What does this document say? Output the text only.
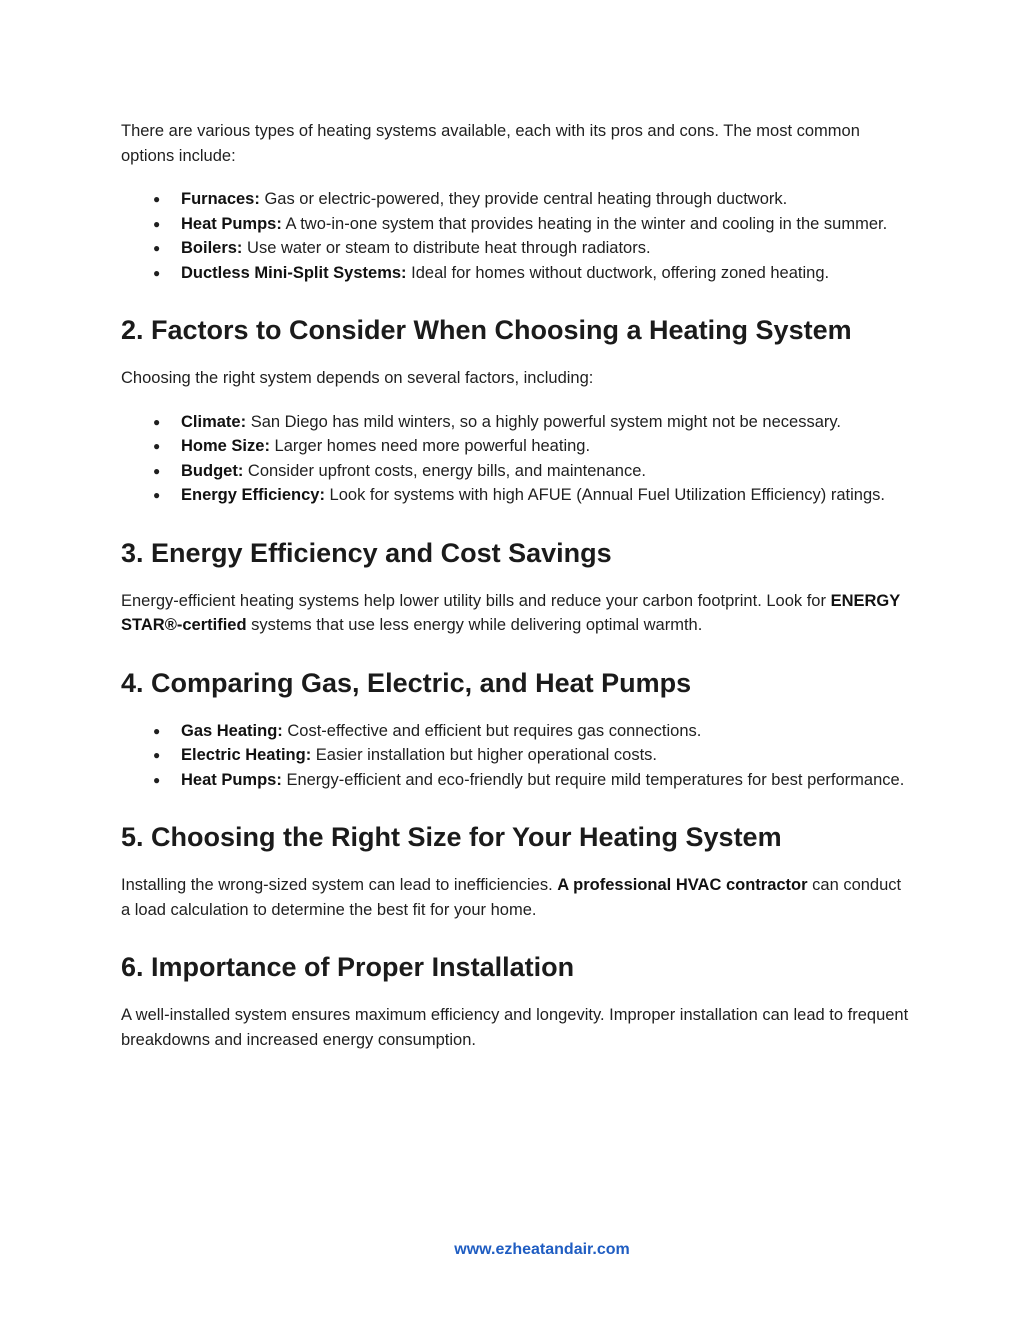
There are various types of heating systems available, each with its pros and cons. The most common options include:

● Furnaces: Gas or electric-powered, they provide central heating through ductwork.
● Heat Pumps: A two-in-one system that provides heating in the winter and cooling in the summer.
● Boilers: Use water or steam to distribute heat through radiators.
● Ductless Mini-Split Systems: Ideal for homes without ductwork, offering zoned heating.
2. Factors to Consider When Choosing a Heating System

Choosing the right system depends on several factors, including:

● Climate: San Diego has mild winters, so a highly powerful system might not be necessary.
● Home Size: Larger homes need more powerful heating.
● Budget: Consider upfront costs, energy bills, and maintenance.
● Energy Efficiency: Look for systems with high AFUE (Annual Fuel Utilization Efficiency) ratings.
3. Energy Efficiency and Cost Savings

Energy-efficient heating systems help lower utility bills and reduce your carbon footprint. Look for ENERGY STAR®-certified systems that use less energy while delivering optimal warmth.

4. Comparing Gas, Electric, and Heat Pumps
● Gas Heating: Cost-effective and efficient but requires gas connections.
● Electric Heating: Easier installation but higher operational costs.
● Heat Pumps: Energy-efficient and eco-friendly but require mild temperatures for best performance.
5. Choosing the Right Size for Your Heating System

Installing the wrong-sized system can lead to inefficiencies. A professional HVAC contractor can conduct a load calculation to determine the best fit for your home.

6. Importance of Proper Installation

A well-installed system ensures maximum efficiency and longevity. Improper installation can lead to frequent breakdowns and increased energy consumption.

www.ezheatandair.com
